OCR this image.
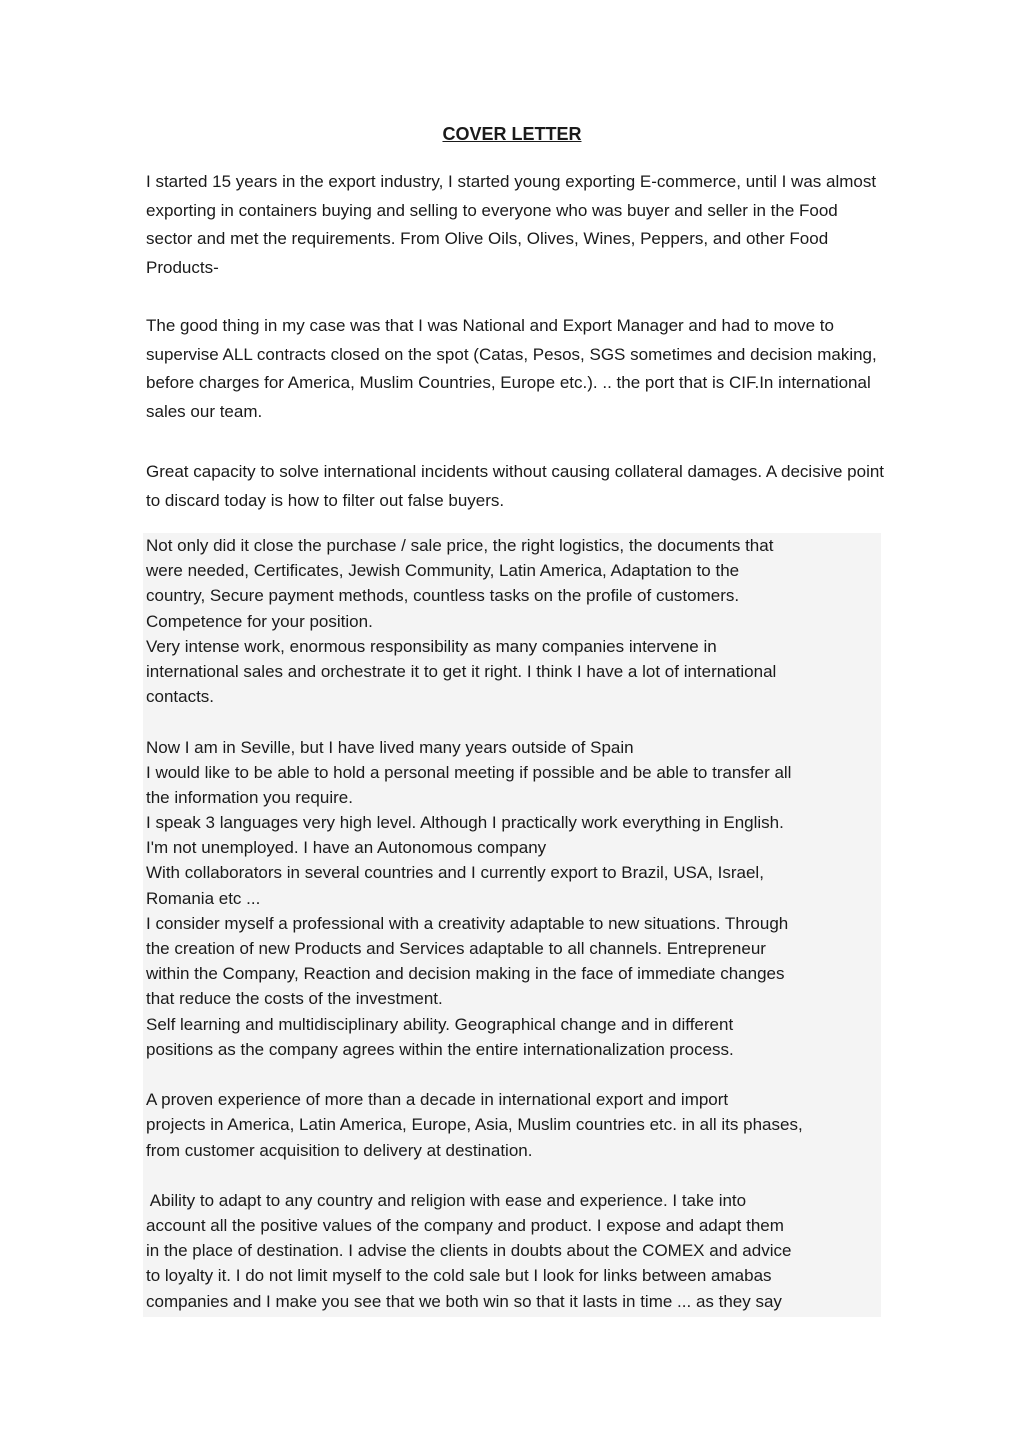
COVER LETTER

I started 15 years in the export industry, I started young exporting E-commerce, until I was almost exporting in containers buying and selling to everyone who was buyer and seller in the Food sector and met the requirements. From Olive Oils, Olives, Wines, Peppers, and other Food Products-

The good thing in my case was that I was National and Export Manager and had to move to supervise ALL contracts closed on the spot (Catas, Pesos, SGS sometimes and decision making, before charges for America, Muslim Countries, Europe etc.). .. the port that is CIF.In international sales our team.

Great capacity to solve international incidents without causing collateral damages. A decisive point to discard today is how to filter out false buyers.

Not only did it close the purchase / sale price, the right logistics, the documents that
were needed, Certificates, Jewish Community, Latin America, Adaptation to the
country, Secure payment methods, countless tasks on the profile of customers.
Competence for your position.
Very intense work, enormous responsibility as many companies intervene in
international sales and orchestrate it to get it right. I think I have a lot of international
contacts.
Now I am in Seville, but I have lived many years outside of Spain
I would like to be able to hold a personal meeting if possible and be able to transfer all
the information you require.
I speak 3 languages very high level. Although I practically work everything in English.
I'm not unemployed. I have an Autonomous company
With collaborators in several countries and I currently export to Brazil, USA, Israel,
Romania etc ...
I consider myself a professional with a creativity adaptable to new situations. Through
the creation of new Products and Services adaptable to all channels. Entrepreneur
within the Company, Reaction and decision making in the face of immediate changes
that reduce the costs of the investment.
Self learning and multidisciplinary ability. Geographical change and in different
positions as the company agrees within the entire internationalization process.
A proven experience of more than a decade in international export and import
projects in America, Latin America, Europe, Asia, Muslim countries etc. in all its phases,
from customer acquisition to delivery at destination.
Ability to adapt to any country and religion with ease and experience. I take into
account all the positive values of the company and product. I expose and adapt them
in the place of destination. I advise the clients in doubts about the COMEX and advice
to loyalty it. I do not limit myself to the cold sale but I look for links between amabas
companies and I make you see that we both win so that it lasts in time ... as they say
